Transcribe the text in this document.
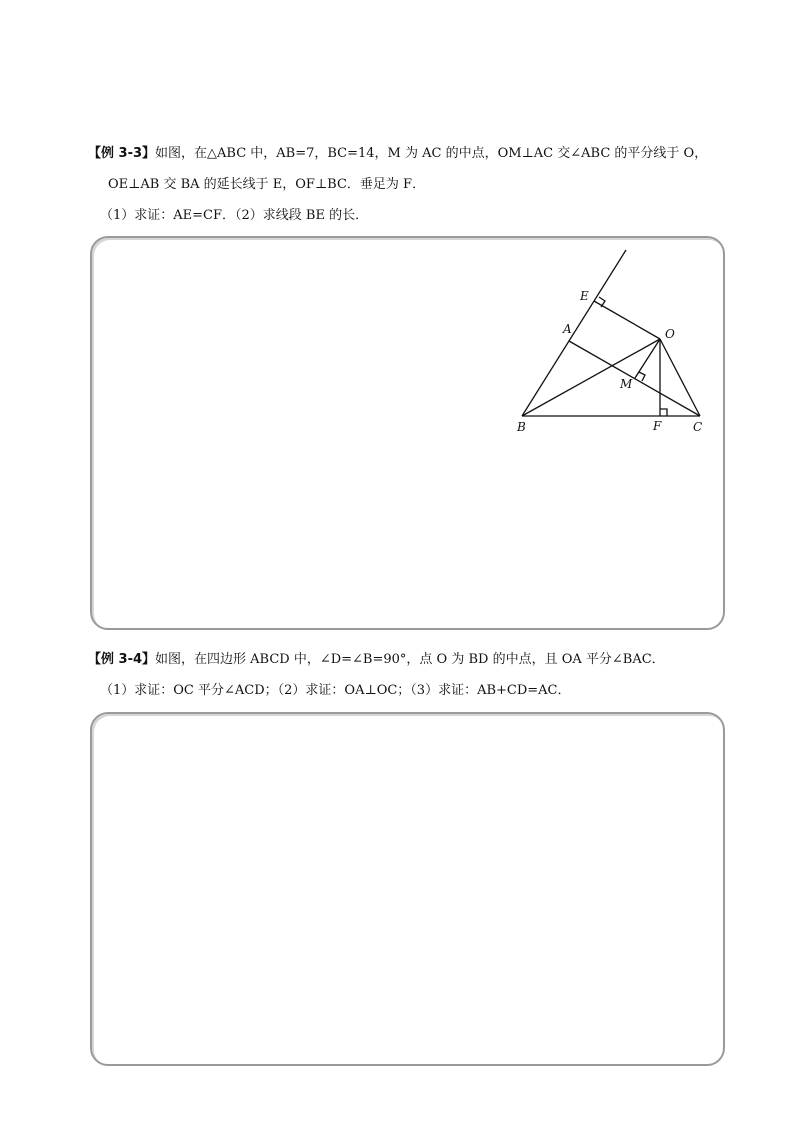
【例 3-3】如图，在△ABC 中，AB=7，BC=14，M 为 AC 的中点，OM⊥AC 交∠ABC 的平分线于 O，
OE⊥AB 交 BA 的延长线于 E，OF⊥BC．垂足为 F．
（1）求证：AE=CF．（2）求线段 BE 的长．
E
A	O
M
B	F	C
【例 3-4】如图，在四边形 ABCD 中，∠D=∠B=90°，点 O 为 BD 的中点，且 OA 平分∠BAC．
（1）求证：OC 平分∠ACD；（2）求证：OA⊥OC；（3）求证：AB+CD=AC．
